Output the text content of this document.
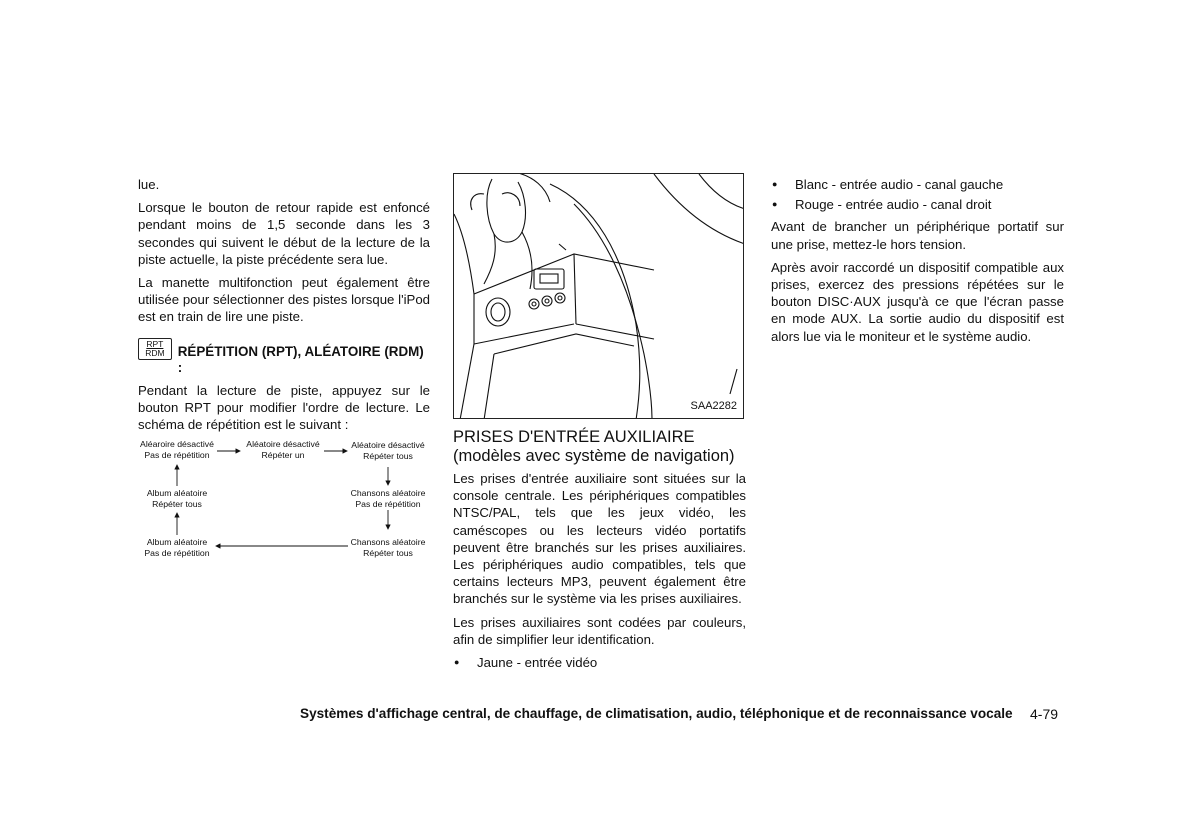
lue.

Lorsque le bouton de retour rapide est enfoncé pendant moins de 1,5 seconde dans les 3 secondes qui suivent le début de la lecture de la piste actuelle, la piste précédente sera lue.

La manette multifonction peut également être utilisée pour sélectionner des pistes lorsque l'iPod est en train de lire une piste.

RPT
RDM RÉPÉTITION (RPT), ALÉATOIRE (RDM) :

Pendant la lecture de piste, appuyez sur le bouton RPT pour modifier l'ordre de lecture. Le schéma de répétition est le suivant :

Aléaroire désactivé
Pas de répétition
Aléatoire désactivé
Répéter un
Aléatoire désactivé
Répéter tous
Chansons aléatoire
Pas de répétition
Chansons aléatoire
Répéter tous
Album aléatoire
Pas de répétition
Album aléatoire
Répéter tous
SAA2282
PRISES D'ENTRÉE AUXILIAIRE (modèles avec système de navigation)

Les prises d'entrée auxiliaire sont situées sur la console centrale. Les périphériques compatibles NTSC/PAL, tels que les jeux vidéo, les caméscopes ou les lecteurs vidéo portatifs peuvent être branchés sur les prises auxiliaires. Les périphériques audio compatibles, tels que certains lecteurs MP3, peuvent également être branchés sur le système via les prises auxiliaires.

Les prises auxiliaires sont codées par couleurs, afin de simplifier leur identification.

● Jaune - entrée vidéo
● Blanc - entrée audio - canal gauche
● Rouge - entrée audio - canal droit

Avant de brancher un périphérique portatif sur une prise, mettez-le hors tension.

Après avoir raccordé un dispositif compatible aux prises, exercez des pressions répétées sur le bouton DISC·AUX jusqu'à ce que l'écran passe en mode AUX. La sortie audio du dispositif est alors lue via le moniteur et le système audio.

Systèmes d'affichage central, de chauffage, de climatisation, audio, téléphonique et de reconnaissance vocale	4-79
